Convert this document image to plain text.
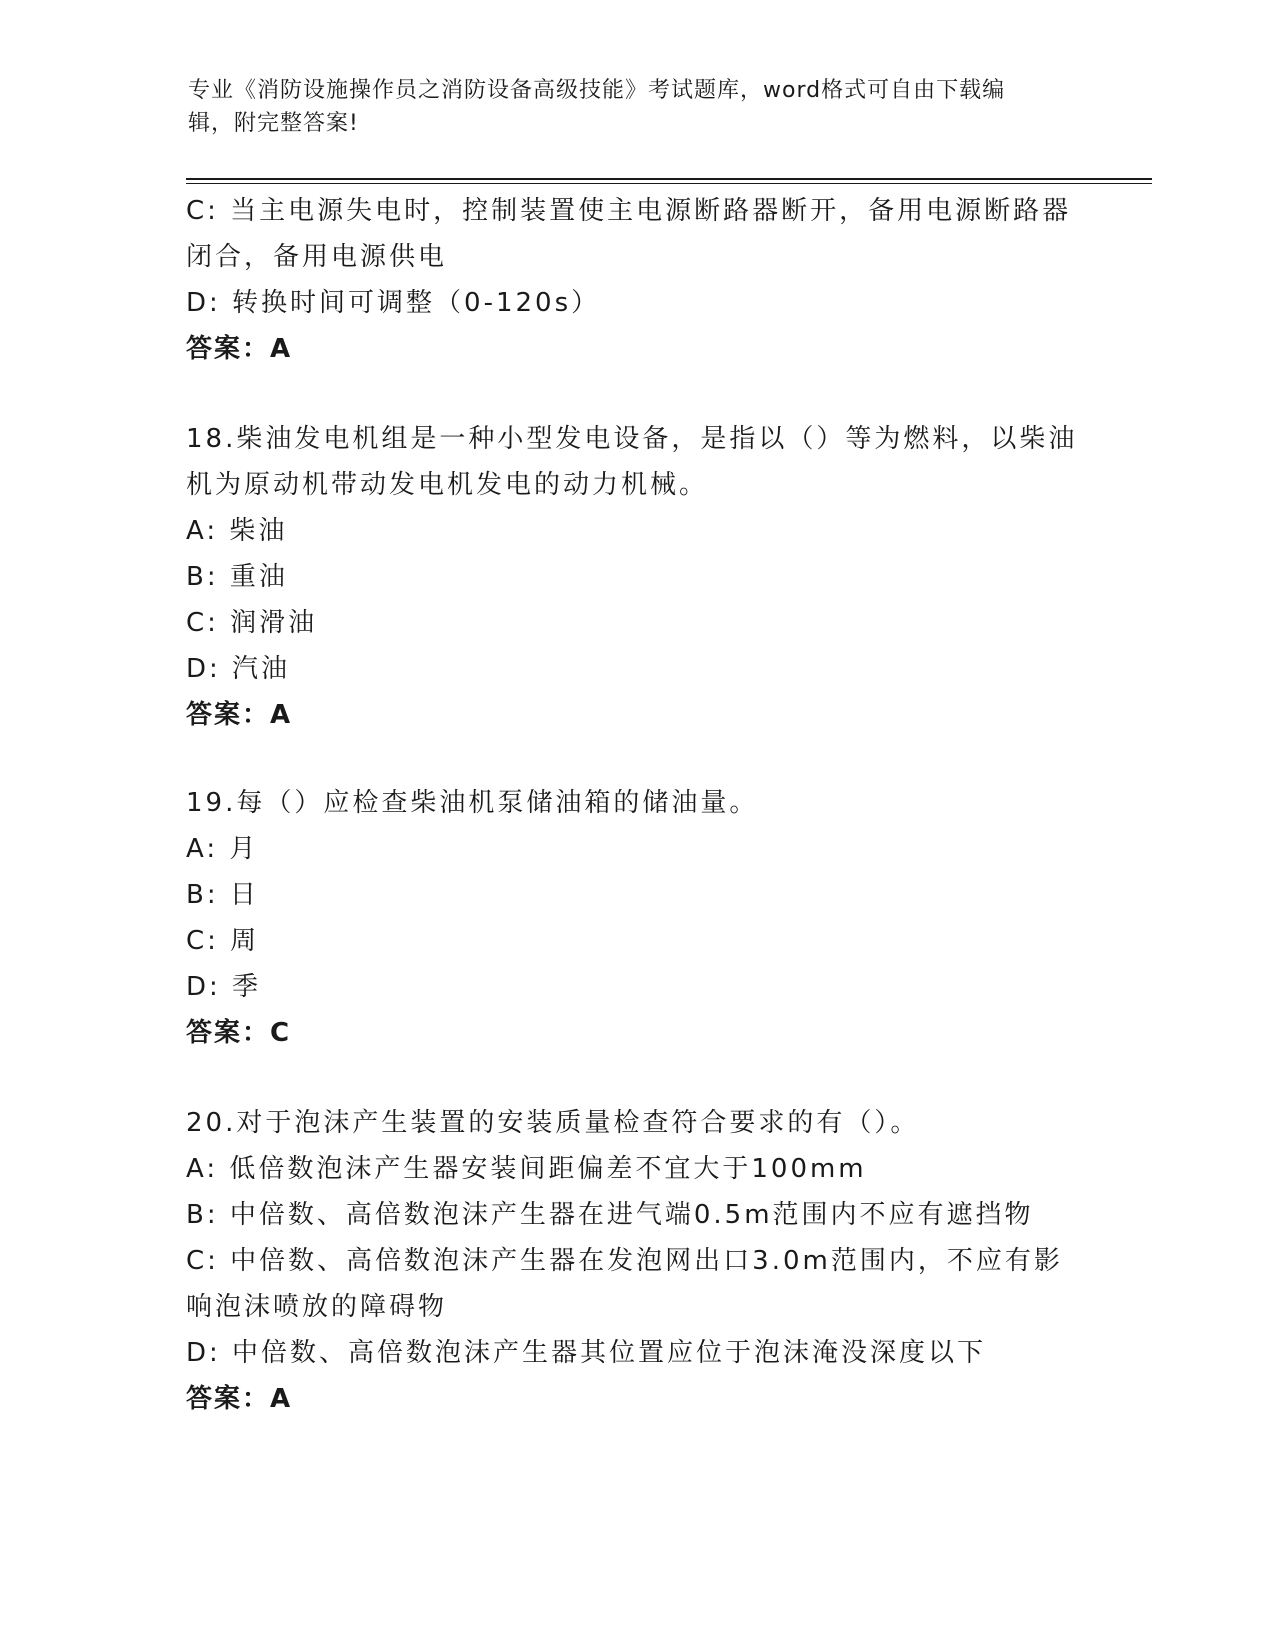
专业《消防设施操作员之消防设备高级技能》考试题库，word格式可自由下载编
辑，附完整答案!
C: 当主电源失电时，控制装置使主电源断路器断开，备用电源断路器
闭合，备用电源供电
D: 转换时间可调整（0-120s）
答案：A
18.柴油发电机组是一种小型发电设备，是指以（）等为燃料，以柴油
机为原动机带动发电机发电的动力机械。
A: 柴油
B: 重油
C: 润滑油
D: 汽油
答案：A
19.每（）应检查柴油机泵储油箱的储油量。
A: 月
B: 日
C: 周
D: 季
答案：C
20.对于泡沫产生装置的安装质量检查符合要求的有（）。
A: 低倍数泡沫产生器安装间距偏差不宜大于100mm
B: 中倍数、高倍数泡沫产生器在进气端0.5m范围内不应有遮挡物
C: 中倍数、高倍数泡沫产生器在发泡网出口3.0m范围内，不应有影
响泡沫喷放的障碍物
D: 中倍数、高倍数泡沫产生器其位置应位于泡沫淹没深度以下
答案：A
